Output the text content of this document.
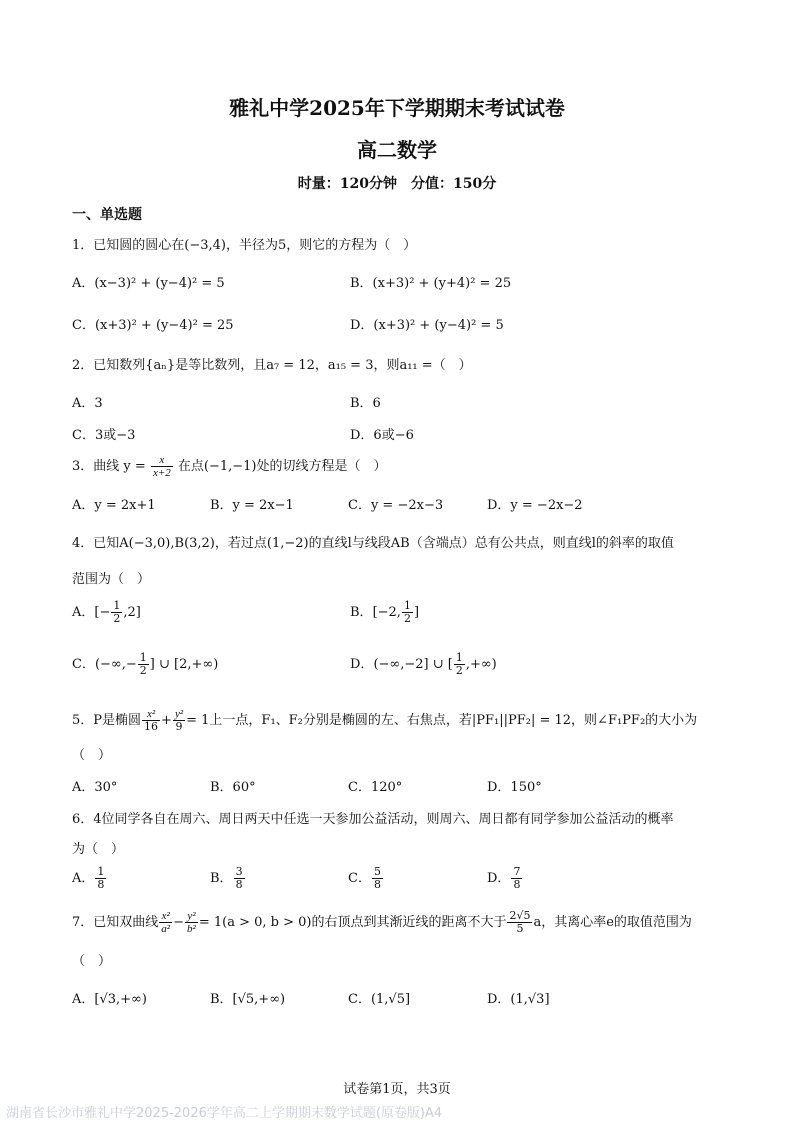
雅礼中学2025年下学期期末考试试卷
高二数学
时量：120分钟　分值：150分
一、单选题
1．已知圆的圆心在(−3,4)，半径为5，则它的方程为（　）
A．(x−3)² + (y−4)² = 5	B．(x+3)² + (y+4)² = 25
C．(x+3)² + (y−4)² = 25	D．(x+3)² + (y−4)² = 5
2．已知数列{aₙ}是等比数列，且a₇ = 12，a₁₅ = 3，则a₁₁ =（　）
A．3	B．6
C．3或−3	D．6或−6
3．曲线 $y = \frac{x}{x+2}$ 在点(−1,−1)处的切线方程是（　）
A．y = 2x+1	B．y = 2x−1	C．y = −2x−3	D．y = −2x−2
4．已知A(−3,0),B(3,2)，若过点(1,−2)的直线l与线段AB（含端点）总有公共点，则直线l的斜率的取值
范围为（　）
A．[− $\frac{1}{2} ,2$]	B．[−2, $\frac{1}{2}$ ]
C．(−∞,− $\frac{1}{2}$ ] ∪ [2,+∞)	D．(−∞,−2] ∪ [ $\frac{1}{2}$ ,+∞)
5．P是椭圆 $\frac{\text{x²}}{16} + \frac{\text{y²}}{9} = 1$上一点，F₁、F₂分别是椭圆的左、右焦点，若|PF₁||PF₂| = 12，则∠F₁PF₂的大小为
（　）
A．30°	B．60°	C．120°	D．150°
6．4位同学各自在周六、周日两天中任选一天参加公益活动，则周六、周日都有同学参加公益活动的概率
为（　）
A． $\frac{1}{8}$	B． $\frac{3}{8}$	C． $\frac{5}{8}$	D． $\frac{7}{8}$
7．已知双曲线 $\frac{\text{x²}}{\text{a²}} - \frac{\text{y²}}{\text{b²}} = 1(a > 0$, b > 0)的右顶点到其渐近线的距离不大于 $\frac{2√5}{5}$ a，其离心率e的取值范围为
（　）
A．[√3,+∞)	B．[√5,+∞)	C．(1,√5]	D．(1,√3]
试卷第1页，共3页
湖南省长沙市雅礼中学2025-2026学年高二上学期期末数学试题(原卷版)A4
